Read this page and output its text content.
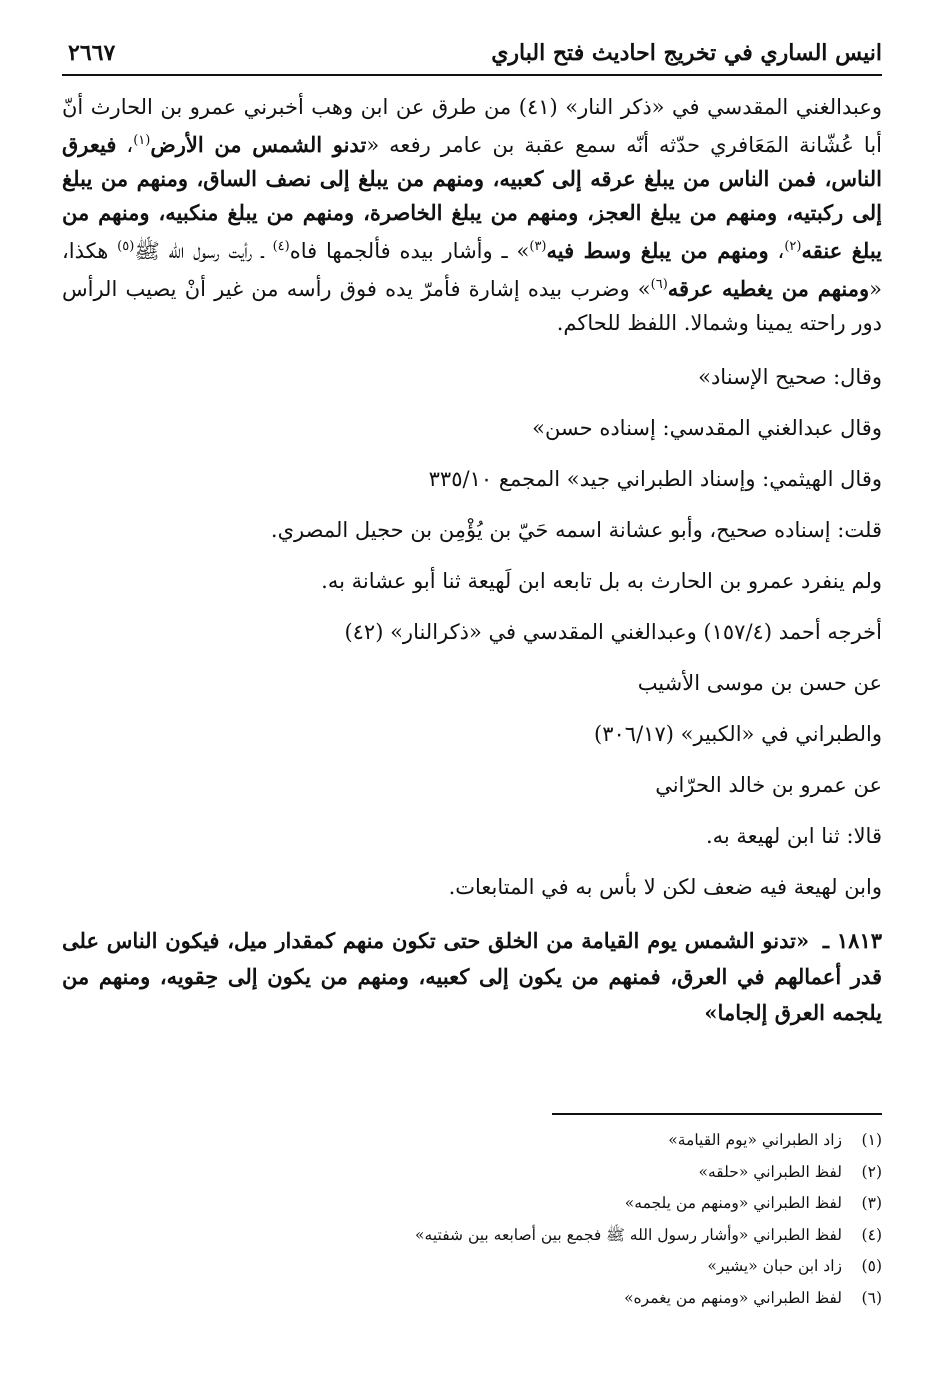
انيس الساري في تخريج احاديث فتح الباري
٢٦٦٧

وعبدالغني المقدسي في «ذكر النار» (٤١) من طرق عن ابن وهب أخبرني عمرو بن الحارث أنّ أبا عُشّانة المَعَافري حدّثه أنّه سمع عقبة بن عامر رفعه «تدنو الشمس من الأرض$^{(١)}$، فيعرق الناس، فمن الناس من يبلغ عرقه إلى كعبيه، ومنهم من يبلغ إلى نصف الساق، ومنهم من يبلغ إلى ركبتيه، ومنهم من يبلغ العجز، ومنهم من يبلغ الخاصرة، ومنهم من يبلغ منكبيه، ومنهم من يبلغ عنقه$^{(٢)}$، ومنهم من يبلغ وسط فيه$^{(٣)}$» ـ وأشار بيده فألجمها فاه$^{(٤)}$ ـ رأيت رسول الله ﷺ$^{(٥)}$ هكذا، «ومنهم من يغطيه عرقه$^{(٦)}$» وضرب بيده إشارة فأمرّ يده فوق رأسه من غير أنْ يصيب الرأس دور راحته يمينا وشمالا. اللفظ للحاكم.

وقال: صحيح الإسناد»
وقال عبدالغني المقدسي: إسناده حسن»
وقال الهيثمي: وإسناد الطبراني جيد» المجمع ٣٣٥/١٠
قلت: إسناده صحيح، وأبو عشانة اسمه حَيّ بن يُؤْمِن بن حجيل المصري.
ولم ينفرد عمرو بن الحارث به بل تابعه ابن لَهيعة ثنا أبو عشانة به.
أخرجه أحمد (١٥٧/٤) وعبدالغني المقدسي في «ذكرالنار» (٤٢)
عن حسن بن موسى الأشيب
والطبراني في «الكبير» (٣٠٦/١٧)
عن عمرو بن خالد الحرّاني
قالا: ثنا ابن لهيعة به.
وابن لهيعة فيه ضعف لكن لا بأس به في المتابعات.

١٨١٣ ـ «تدنو الشمس يوم القيامة من الخلق حتى تكون منهم كمقدار ميل، فيكون الناس على قدر أعمالهم في العرق، فمنهم من يكون إلى كعبيه، ومنهم من يكون إلى حِقويه، ومنهم من يلجمه العرق إلجاما»

(١)زاد الطبراني «يوم القيامة»
(٢)لفظ الطبراني «حلقه»
(٣)لفظ الطبراني «ومنهم من يلجمه»
(٤)لفظ الطبراني «وأشار رسول الله ﷺ فجمع بين أصابعه بين شفتيه»
(٥)زاد ابن حبان «يشير»
(٦)لفظ الطبراني «ومنهم من يغمره»
